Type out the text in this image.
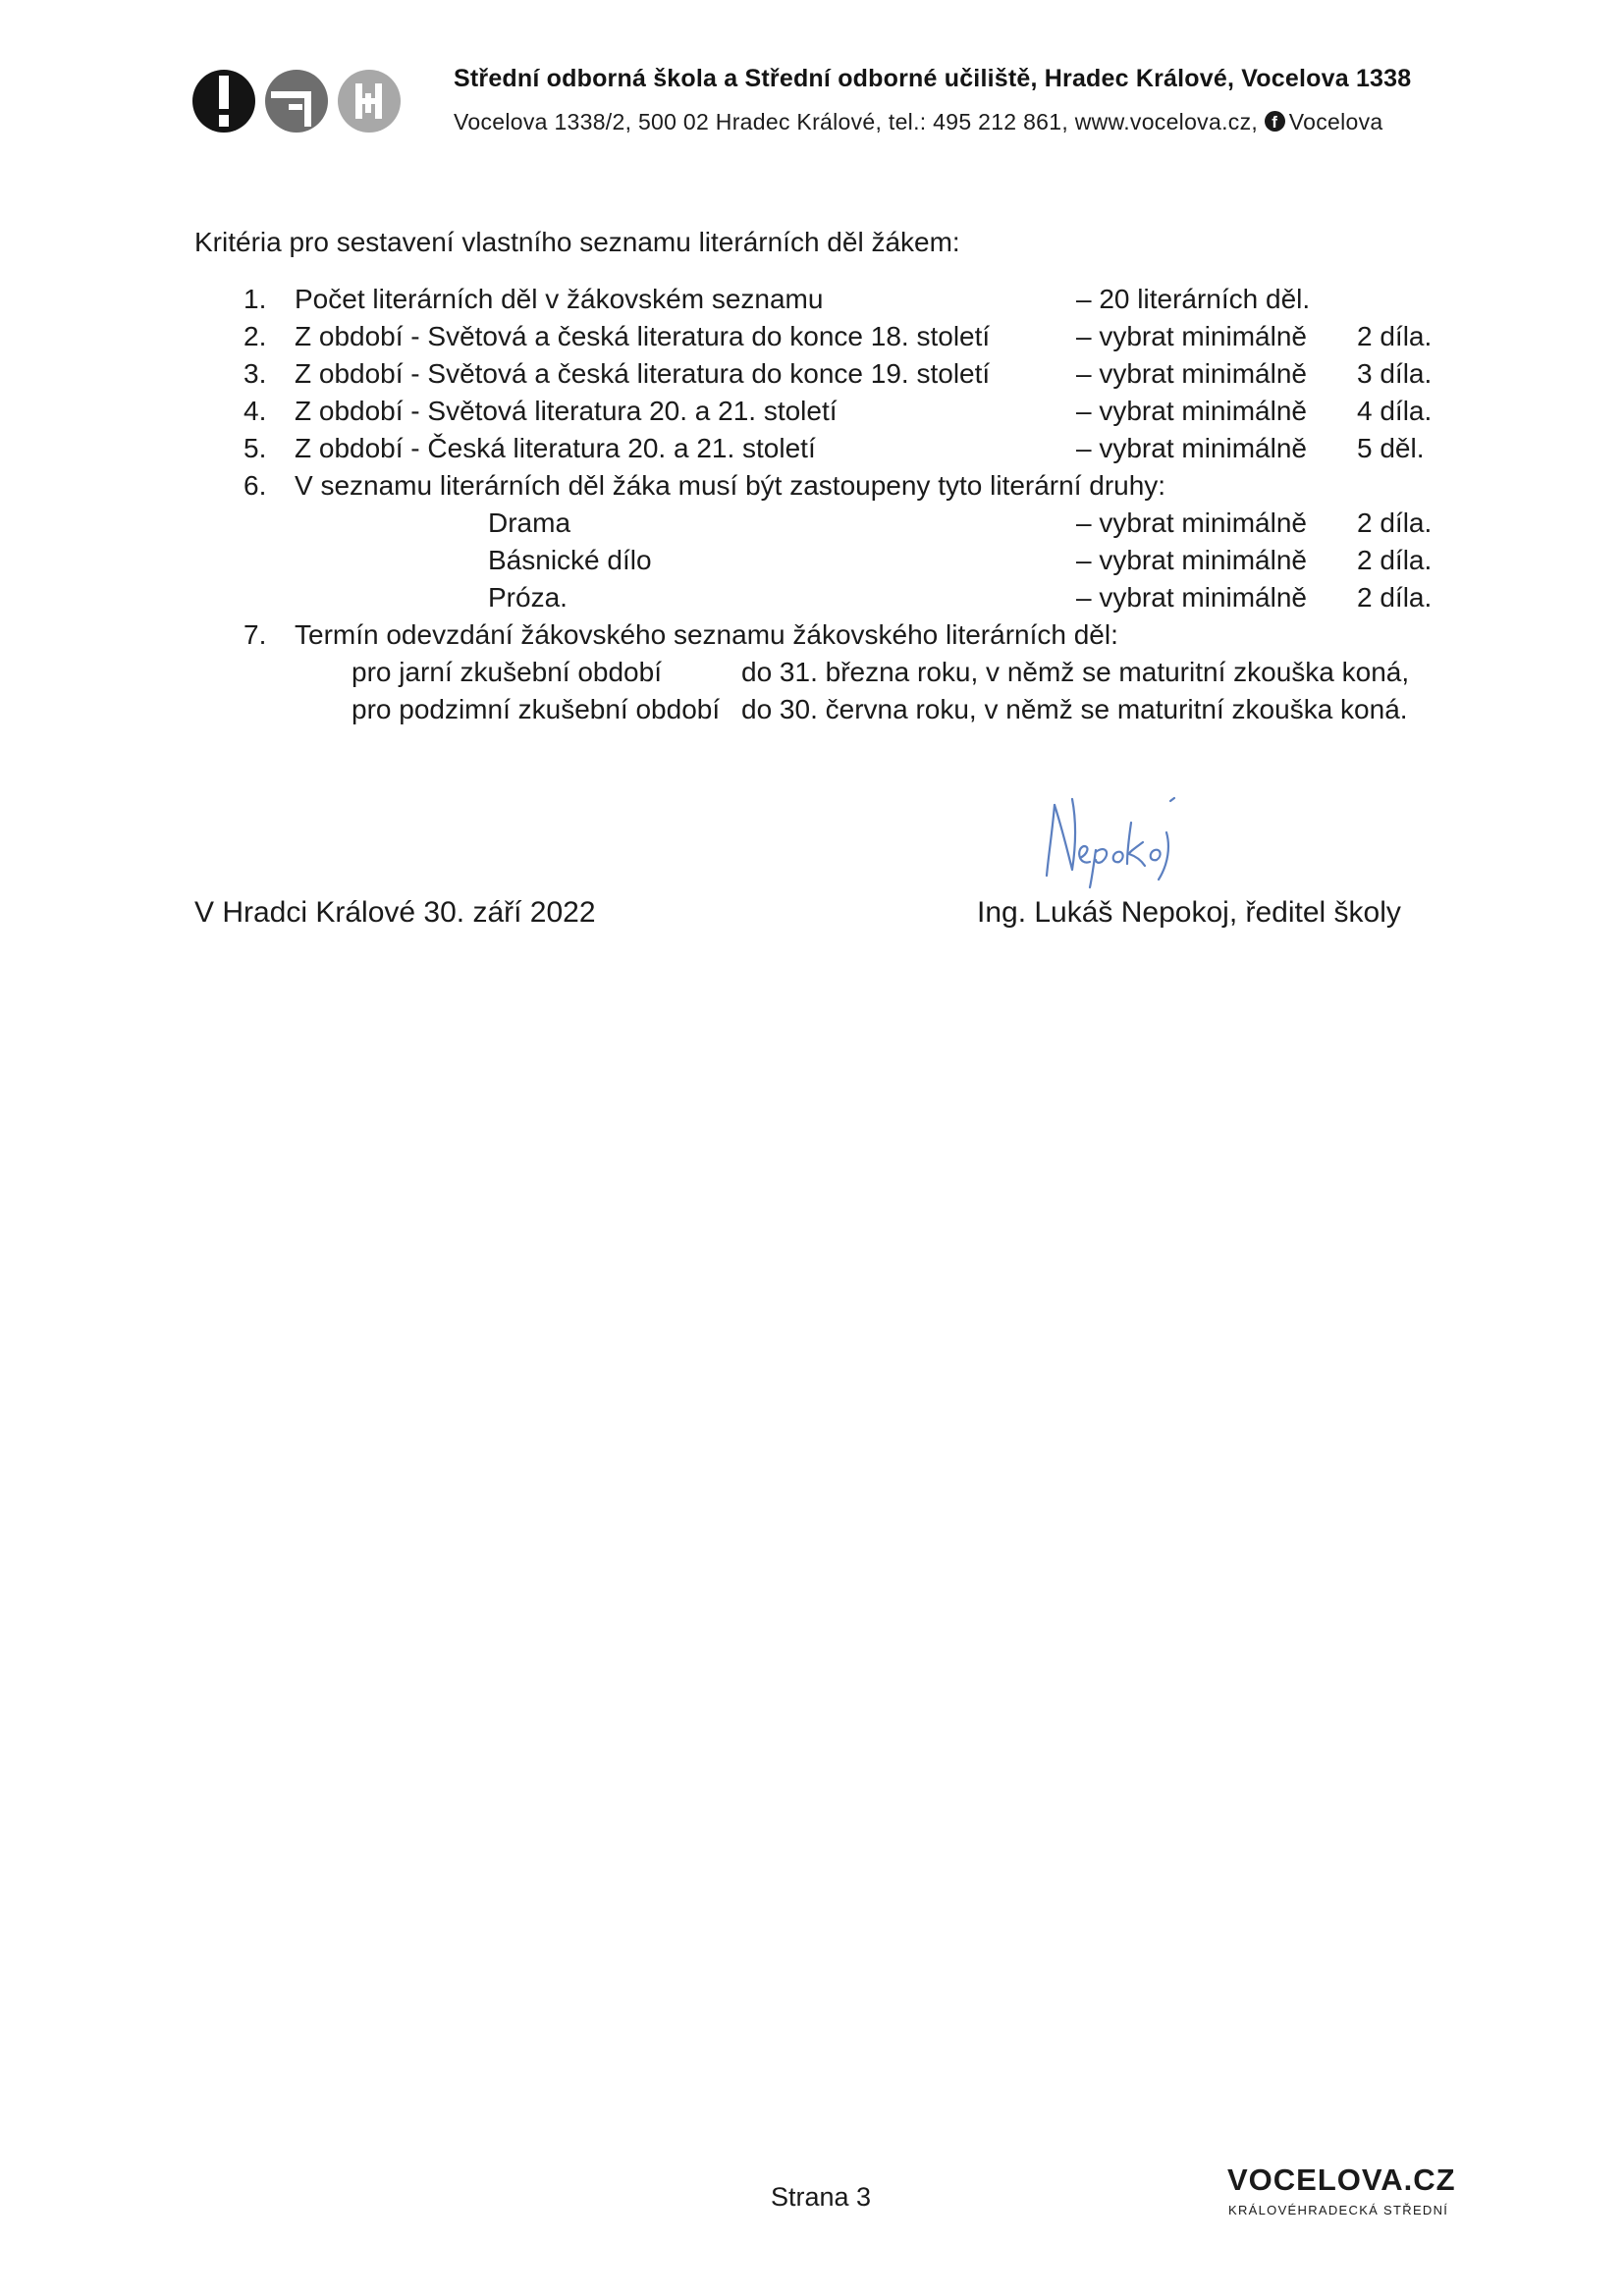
Střední odborná škola a Střední odborné učiliště, Hradec Králové, Vocelova 1338
Vocelova 1338/2, 500 02 Hradec Králové, tel.: 495 212 861, www.vocelova.cz, f Vocelova

Kritéria pro sestavení vlastního seznamu literárních děl žákem:

1. Počet literárních děl v žákovském seznamu	– 20 literárních děl.
2. Z období - Světová a česká literatura do konce 18. století	– vybrat minimálně 2 díla.
3. Z období - Světová a česká literatura do konce 19. století	– vybrat minimálně 3 díla.
4. Z období - Světová literatura 20. a 21. století	– vybrat minimálně 4 díla.
5. Z období - Česká literatura 20. a 21. století	– vybrat minimálně 5 děl.
6. V seznamu literárních děl žáka musí být zastoupeny tyto literární druhy:
Drama	– vybrat minimálně 2 díla.
Básnické dílo	– vybrat minimálně 2 díla.
Próza.	– vybrat minimálně 2 díla.
7. Termín odevzdání žákovského seznamu žákovského literárních děl:
pro jarní zkušební období	do 31. března roku, v němž se maturitní zkouška koná,
pro podzimní zkušební období do 30. června roku, v němž se maturitní zkouška koná.
V Hradci Králové 30. září 2022	Ing. Lukáš Nepokoj, ředitel školy
Strana 3	VOCELOVA.CZ
KRÁLOVÉHRADECKÁ STŘEDNÍ
